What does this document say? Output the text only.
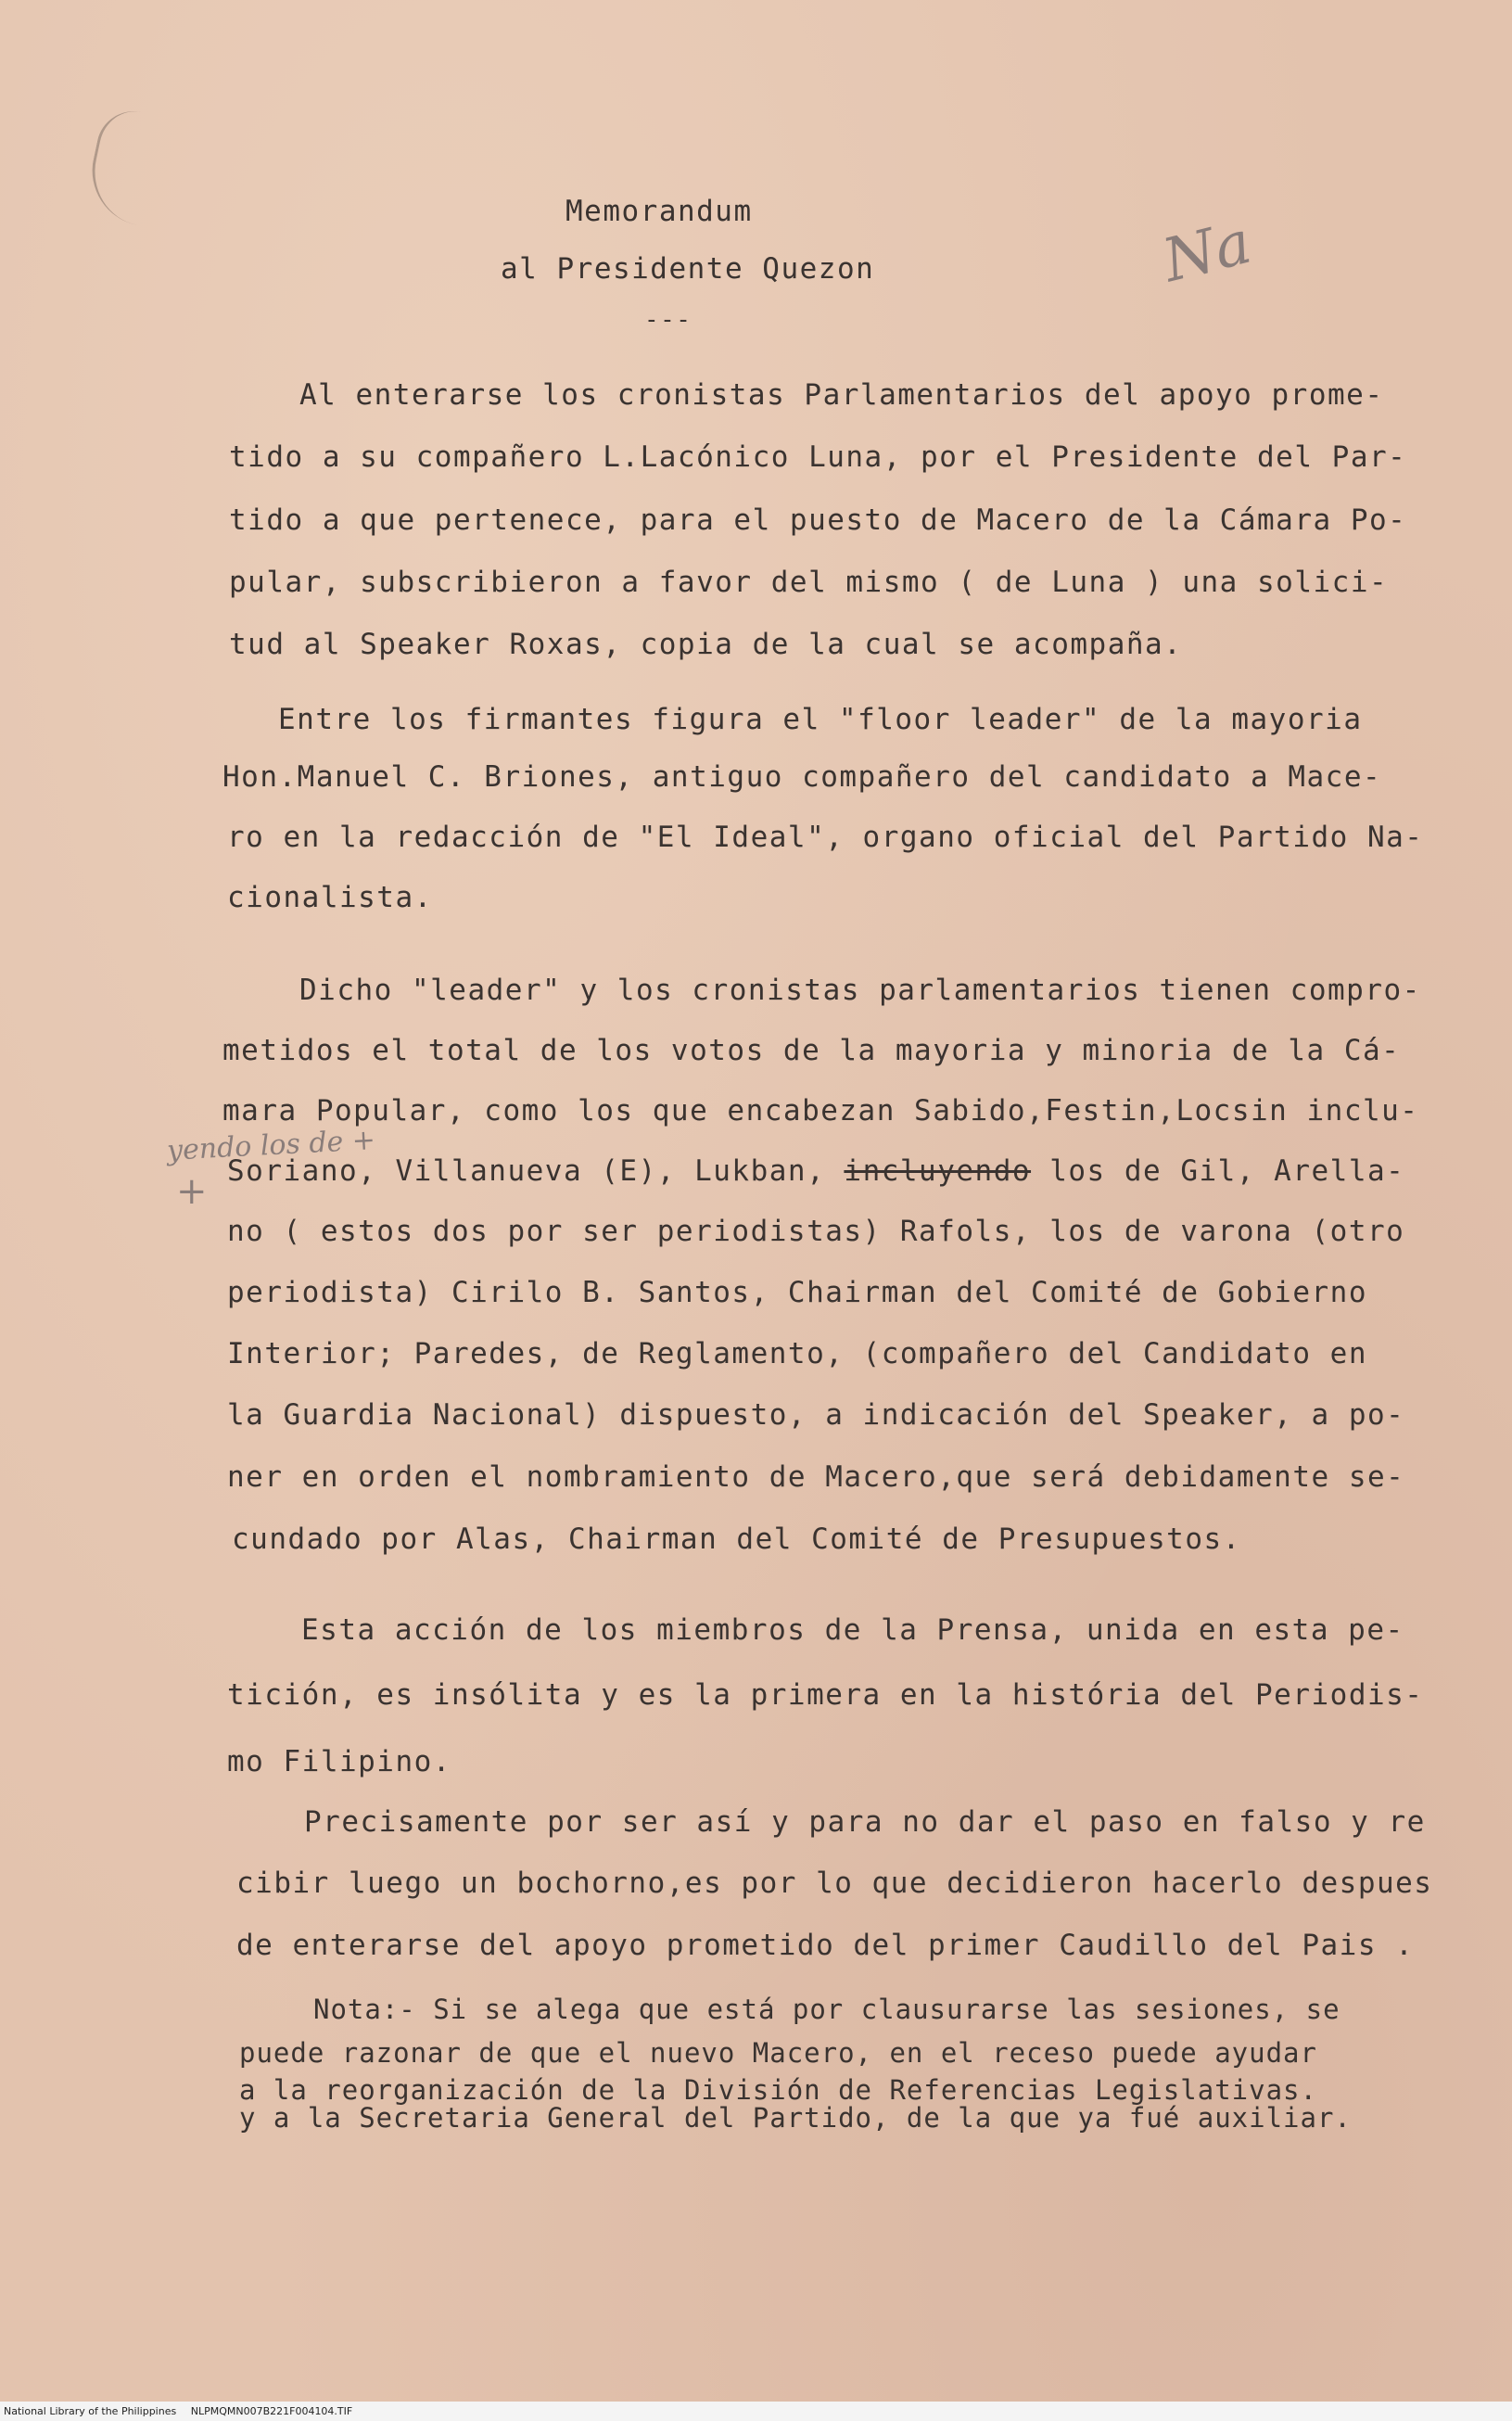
Memorandum
al Presidente Quezon
---
Na
Al enterarse los cronistas Parlamentarios del apoyo prome-
tido a su compañero L.Lacónico Luna, por el Presidente del Par-
tido a que pertenece, para el puesto de Macero de la Cámara Po-
pular, subscribieron a favor del mismo ( de Luna ) una solici-
tud al Speaker Roxas, copia de la cual se acompaña.
Entre los firmantes figura el "floor leader" de la mayoria
Hon.Manuel C. Briones, antiguo compañero del candidato a Mace-
ro en la redacción de "El Ideal", organo oficial del Partido Na-
cionalista.
Dicho "leader" y los cronistas parlamentarios tienen compro-
metidos el total de los votos de la mayoria y minoria de la Cá-
mara Popular, como los que encabezan Sabido,Festin,Locsin inclu-
yendo los de +
+ Soriano, Villanueva (E), Lukban, incluyendo los de Gil, Arella-
no ( estos dos por ser periodistas) Rafols, los de varona (otro
periodista) Cirilo B. Santos, Chairman del Comité de Gobierno
Interior; Paredes, de Reglamento, (compañero del Candidato en
la Guardia Nacional) dispuesto, a indicación del Speaker, a po-
ner en orden el nombramiento de Macero,que será debidamente se-
cundado por Alas, Chairman del Comité de Presupuestos.
Esta acción de los miembros de la Prensa, unida en esta pe-
tición, es insólita y es la primera en la história del Periodis-
mo Filipino.
Precisamente por ser así y para no dar el paso en falso y re
cibir luego un bochorno,es por lo que decidieron hacerlo despues
de enterarse del apoyo prometido del primer Caudillo del Pais .
Nota:- Si se alega que está por clausurarse las sesiones, se
puede razonar de que el nuevo Macero, en el receso puede ayudar
a la reorganización de la División de Referencias Legislativas.
y a la Secretaria General del Partido, de la que ya fué auxiliar.
National Library of the Philippines NLPMQMN007B221F004104.TIF
